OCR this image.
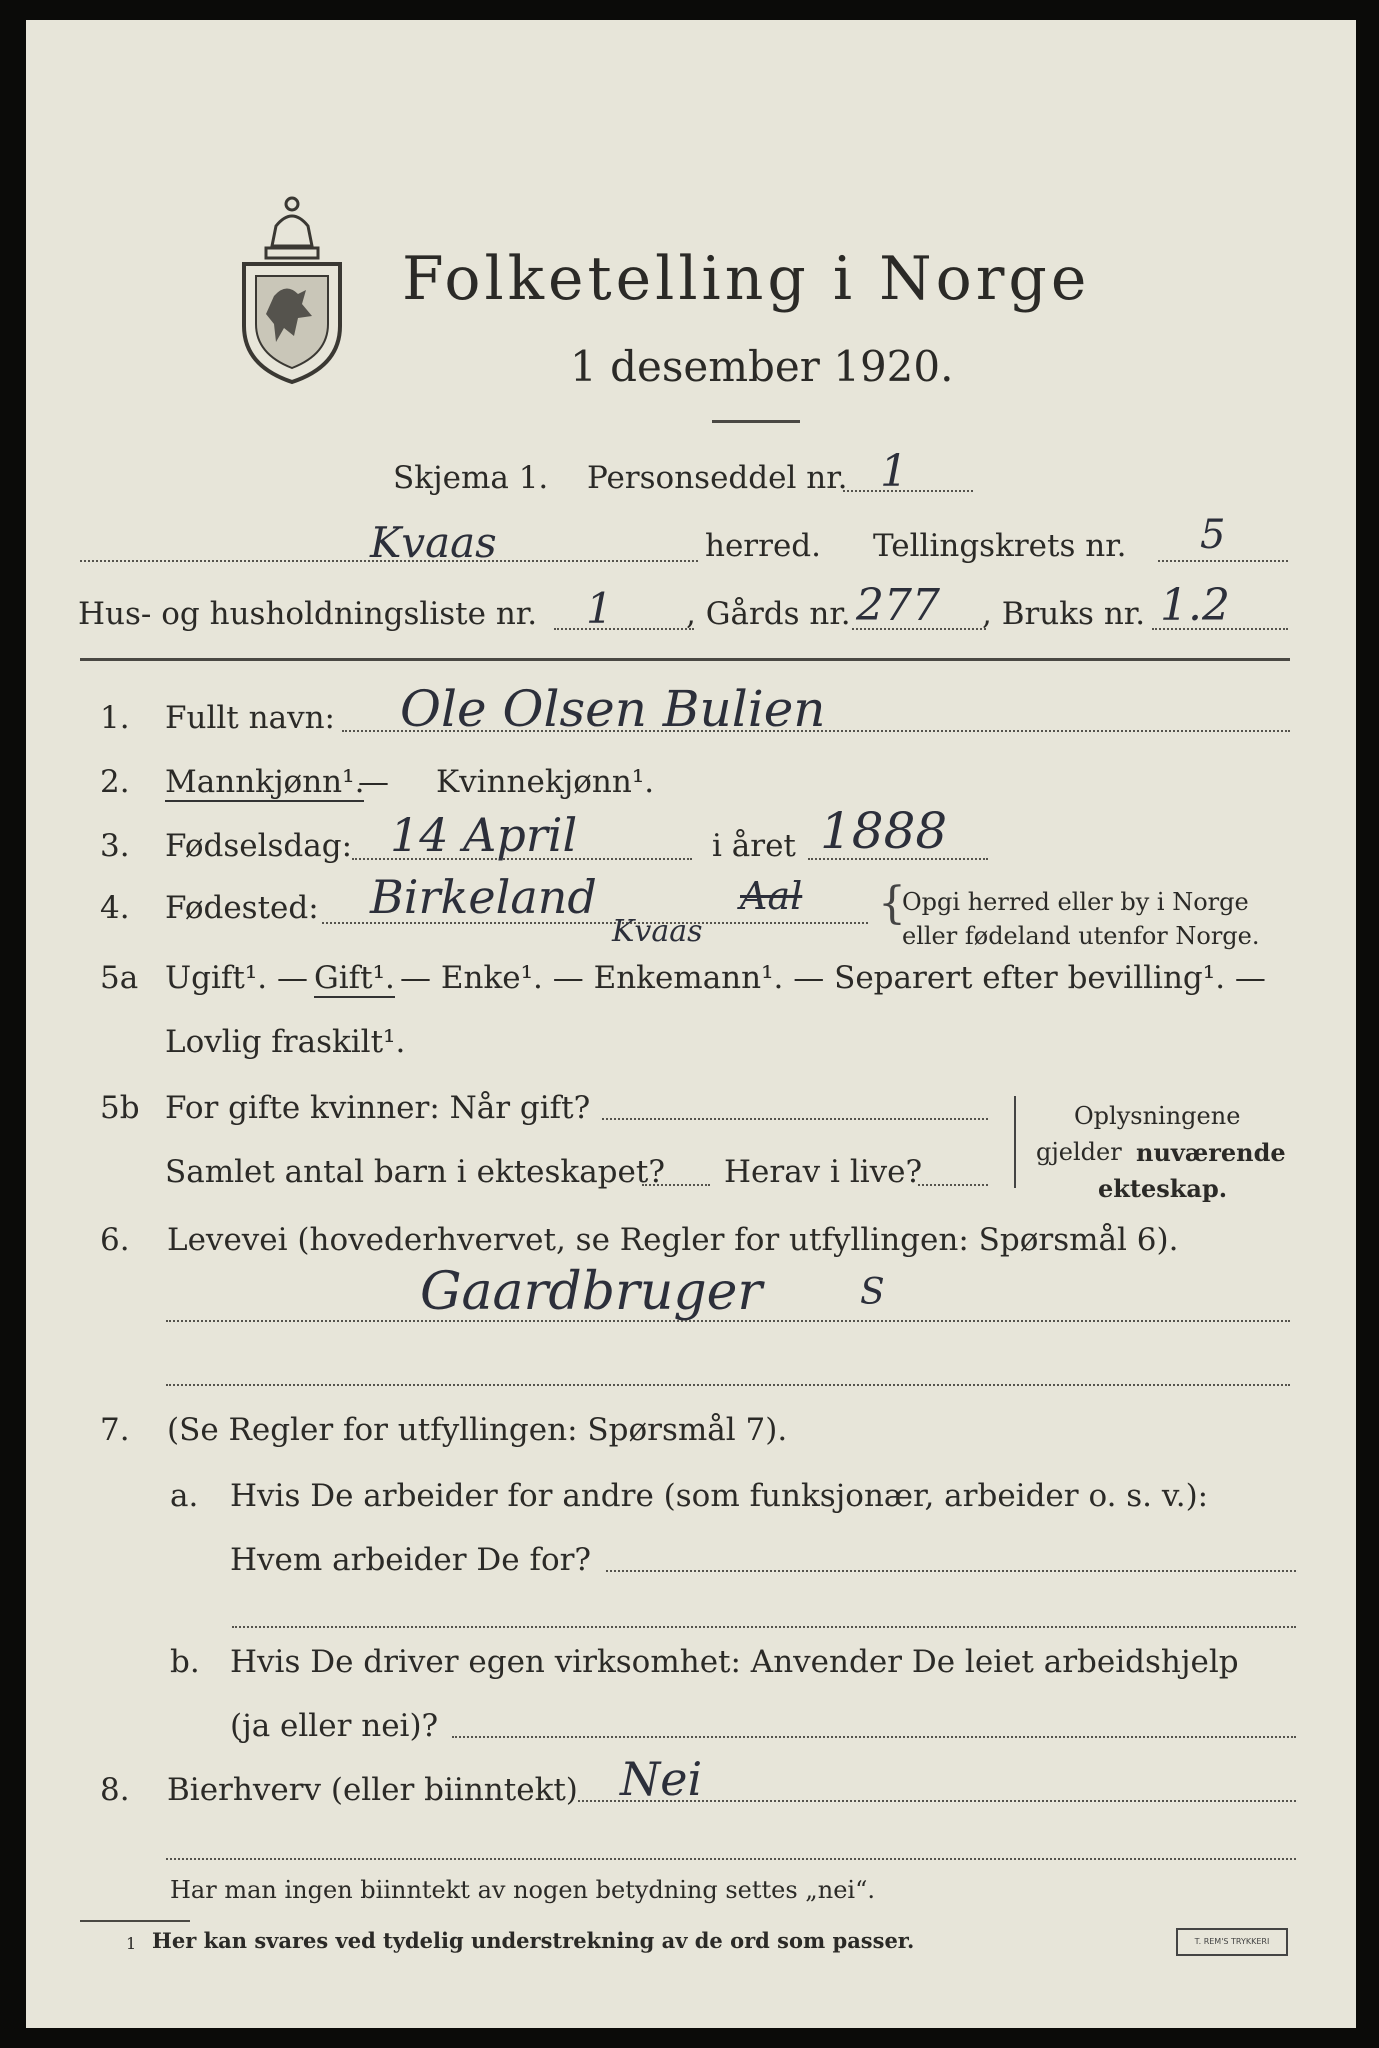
Folketelling i Norge
1 desember 1920.
Skjema 1. Personseddel nr. 1
Kvaas	herred. Tellingskrets nr. 5
Hus- og husholdningsliste nr. 1 , Gårds nr. 277 , Bruks nr. 1.2
1. Fullt navn: Ole Olsen Bulien
2. Mannkjønn¹.
— Kvinnekjønn¹.
3. Fødselsdag: 14 April	i året 1888
4. Fødested: Birkeland	Aal
Kvaas
{
Opgi herred eller by i Norge
eller fødeland utenfor Norge.
5a Ugift¹. — Gift¹. — Enke¹. — Enkemann¹. — Separert efter bevilling¹. —
Lovlig fraskilt¹.
5b For gifte kvinner: Når gift?
Samlet antal barn i ekteskapet? Herav i live?
Oplysningene
gjelder nuværende
ekteskap.
6. Levevei (hovederhvervet, se Regler for utfyllingen: Spørsmål 6).
Gaardbruger	S
7. (Se Regler for utfyllingen: Spørsmål 7).
a. Hvis De arbeider for andre (som funksjonær, arbeider o. s. v.):
Hvem arbeider De for?
b. Hvis De driver egen virksomhet: Anvender De leiet arbeidshjelp
(ja eller nei)?
8. Bierhverv (eller biinntekt) Nei
Har man ingen biinntekt av nogen betydning settes „nei“.
1 Her kan svares ved tydelig understrekning av de ord som passer.	T. REM'S TRYKKERI
